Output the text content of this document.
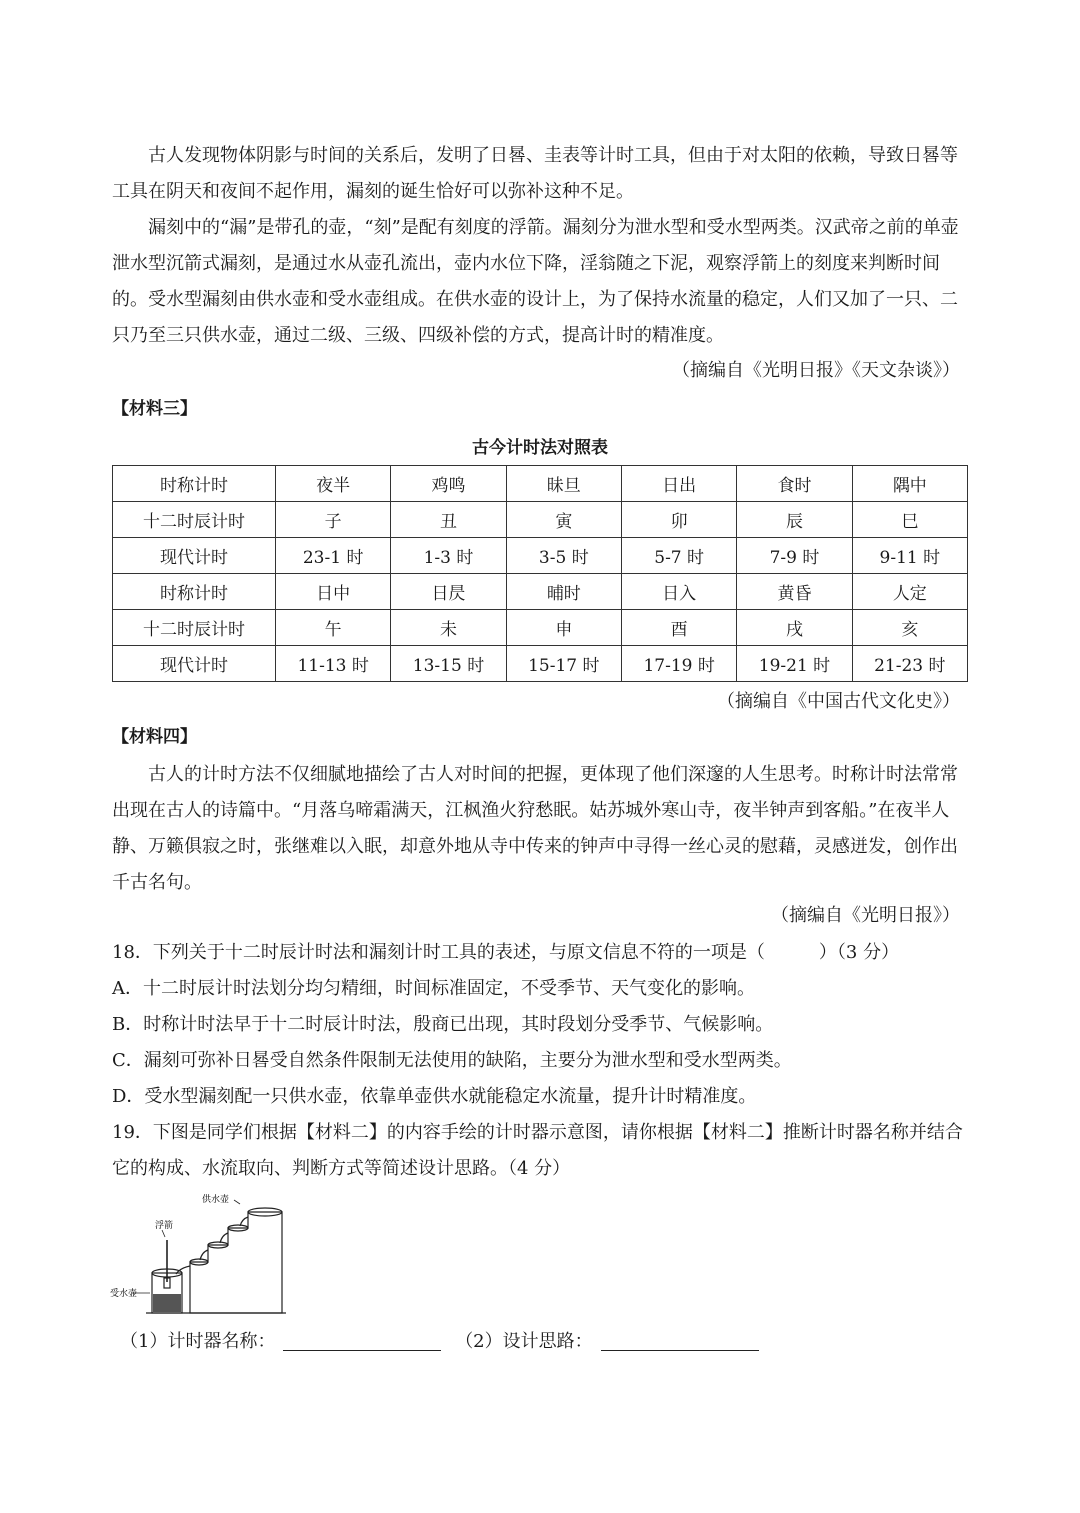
古人发现物体阴影与时间的关系后，发明了日晷、圭表等计时工具，但由于对太阳的依赖，导致日晷等工具在阴天和夜间不起作用，漏刻的诞生恰好可以弥补这种不足。

漏刻中的“漏”是带孔的壶，“刻”是配有刻度的浮箭。漏刻分为泄水型和受水型两类。汉武帝之前的单壶泄水型沉箭式漏刻，是通过水从壶孔流出，壶内水位下降，淫翁随之下泥，观察浮箭上的刻度来判断时间的。受水型漏刻由供水壶和受水壶组成。在供水壶的设计上，为了保持水流量的稳定，人们又加了一只、二只乃至三只供水壶，通过二级、三级、四级补偿的方式，提高计时的精准度。

（摘编自《光明日报》《天文杂谈》）

【材料三】
古今计时法对照表
时称计时	夜半	鸡鸣	昧旦	日出	食时	隅中
十二时辰计时	子	丑	寅	卯	辰	巳
现代计时	23-1 时	1-3 时	3-5 时	5-7 时	7-9 时	9-11 时
时称计时	日中	日昃	晡时	日入	黄昏	人定
十二时辰计时	午	未	申	酉	戌	亥
现代计时	11-13 时	13-15 时	15-17 时	17-19 时	19-21 时	21-23 时

（摘编自《中国古代文化史》）

【材料四】

古人的计时方法不仅细腻地描绘了古人对时间的把握，更体现了他们深邃的人生思考。时称计时法常常出现在古人的诗篇中。“月落乌啼霜满天，江枫渔火狩愁眠。姑苏城外寒山寺，夜半钟声到客船。”在夜半人静、万籁俱寂之时，张继难以入眠，却意外地从寺中传来的钟声中寻得一丝心灵的慰藉，灵感迸发，创作出千古名句。

（摘编自《光明日报》）

18．下列关于十二时辰计时法和漏刻计时工具的表述，与原文信息不符的一项是（　　　）（3 分）

A．十二时辰计时法划分均匀精细，时间标准固定，不受季节、天气变化的影响。

B．时称计时法早于十二时辰计时法，殷商已出现，其时段划分受季节、气候影响。

C．漏刻可弥补日晷受自然条件限制无法使用的缺陷，主要分为泄水型和受水型两类。

D．受水型漏刻配一只供水壶，依靠单壶供水就能稳定水流量，提升计时精准度。

19．下图是同学们根据【材料二】的内容手绘的计时器示意图，请你根据【材料二】推断计时器名称并结合它的构成、水流取向、判断方式等简述设计思路。（4 分）

供水壶
浮箭
受水壶

（1）计时器名称：	（2）设计思路：
